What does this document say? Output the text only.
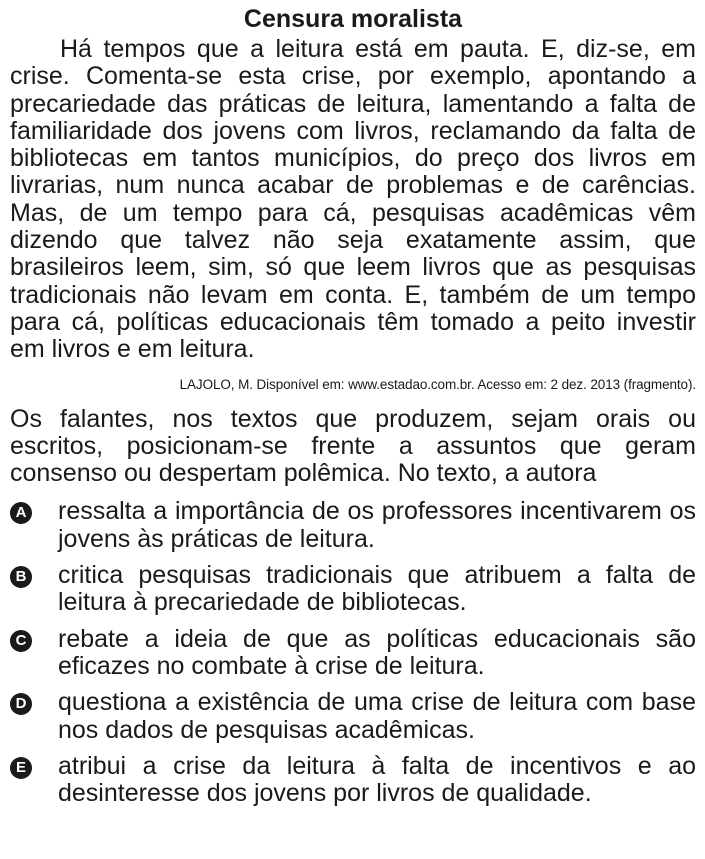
Censura moralista

Há tempos que a leitura está em pauta. E, diz-se, em crise. Comenta-se esta crise, por exemplo, apontando a precariedade das práticas de leitura, lamentando a falta de familiaridade dos jovens com livros, reclamando da falta de bibliotecas em tantos municípios, do preço dos livros em livrarias, num nunca acabar de problemas e de carências. Mas, de um tempo para cá, pesquisas acadêmicas vêm dizendo que talvez não seja exatamente assim, que brasileiros leem, sim, só que leem livros que as pesquisas tradicionais não levam em conta. E, também de um tempo para cá, políticas educacionais têm tomado a peito investir em livros e em leitura.

LAJOLO, M. Disponível em: www.estadao.com.br. Acesso em: 2 dez. 2013 (fragmento).

Os falantes, nos textos que produzem, sejam orais ou escritos, posicionam-se frente a assuntos que geram consenso ou despertam polêmica. No texto, a autora

A ressalta a importância de os professores incentivarem os jovens às práticas de leitura.
B critica pesquisas tradicionais que atribuem a falta de leitura à precariedade de bibliotecas.
C rebate a ideia de que as políticas educacionais são eficazes no combate à crise de leitura.
D questiona a existência de uma crise de leitura com base nos dados de pesquisas acadêmicas.
E atribui a crise da leitura à falta de incentivos e ao desinteresse dos jovens por livros de qualidade.
